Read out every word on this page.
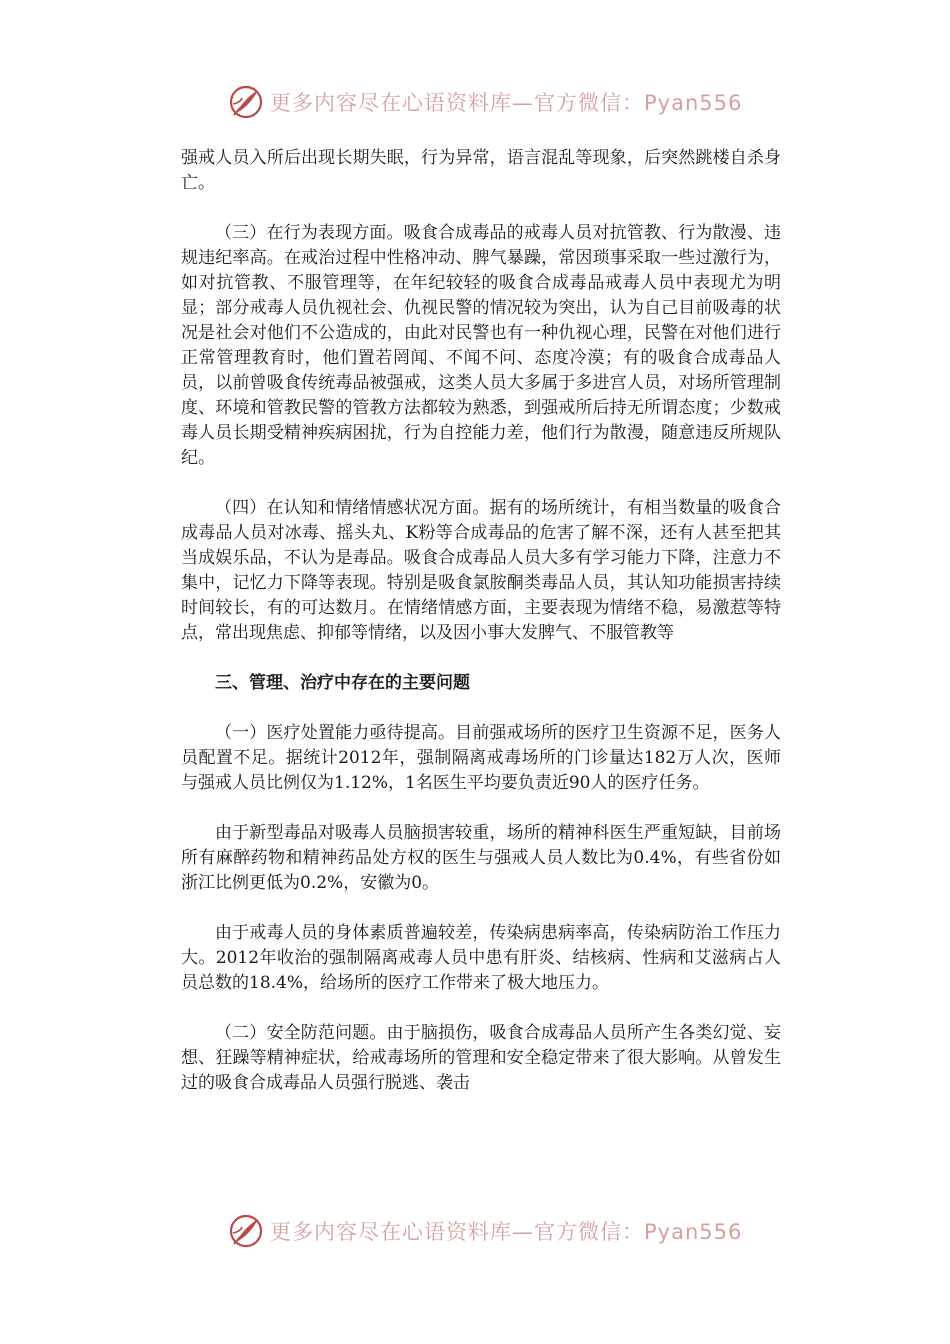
更多内容尽在心语资料库—官方微信：Pyan556

强戒人员入所后出现长期失眠，行为异常，语言混乱等现象，后突然跳楼自杀身亡。

（三）在行为表现方面。吸食合成毒品的戒毒人员对抗管教、行为散漫、违规违纪率高。在戒治过程中性格冲动、脾气暴躁，常因琐事采取一些过激行为，如对抗管教、不服管理等，在年纪较轻的吸食合成毒品戒毒人员中表现尤为明显；部分戒毒人员仇视社会、仇视民警的情况较为突出，认为自己目前吸毒的状况是社会对他们不公造成的，由此对民警也有一种仇视心理，民警在对他们进行正常管理教育时，他们置若罔闻、不闻不问、态度冷漠；有的吸食合成毒品人员，以前曾吸食传统毒品被强戒，这类人员大多属于多进宫人员，对场所管理制度、环境和管教民警的管教方法都较为熟悉，到强戒所后持无所谓态度；少数戒毒人员长期受精神疾病困扰，行为自控能力差，他们行为散漫，随意违反所规队纪。

（四）在认知和情绪情感状况方面。据有的场所统计，有相当数量的吸食合成毒品人员对冰毒、摇头丸、K粉等合成毒品的危害了解不深，还有人甚至把其当成娱乐品，不认为是毒品。吸食合成毒品人员大多有学习能力下降，注意力不集中，记忆力下降等表现。特别是吸食氯胺酮类毒品人员，其认知功能损害持续时间较长，有的可达数月。在情绪情感方面，主要表现为情绪不稳，易激惹等特点，常出现焦虑、抑郁等情绪，以及因小事大发脾气、不服管教等

三、管理、治疗中存在的主要问题

（一）医疗处置能力亟待提高。目前强戒场所的医疗卫生资源不足，医务人员配置不足。据统计2012年，强制隔离戒毒场所的门诊量达182万人次，医师与强戒人员比例仅为1.12%，1名医生平均要负责近90人的医疗任务。

由于新型毒品对吸毒人员脑损害较重，场所的精神科医生严重短缺，目前场所有麻醉药物和精神药品处方权的医生与强戒人员人数比为0.4%，有些省份如浙江比例更低为0.2%，安徽为0。

由于戒毒人员的身体素质普遍较差，传染病患病率高，传染病防治工作压力大。2012年收治的强制隔离戒毒人员中患有肝炎、结核病、性病和艾滋病占人员总数的18.4%，给场所的医疗工作带来了极大地压力。

（二）安全防范问题。由于脑损伤，吸食合成毒品人员所产生各类幻觉、妄想、狂躁等精神症状，给戒毒场所的管理和安全稳定带来了很大影响。从曾发生过的吸食合成毒品人员强行脱逃、袭击

更多内容尽在心语资料库—官方微信：Pyan556
